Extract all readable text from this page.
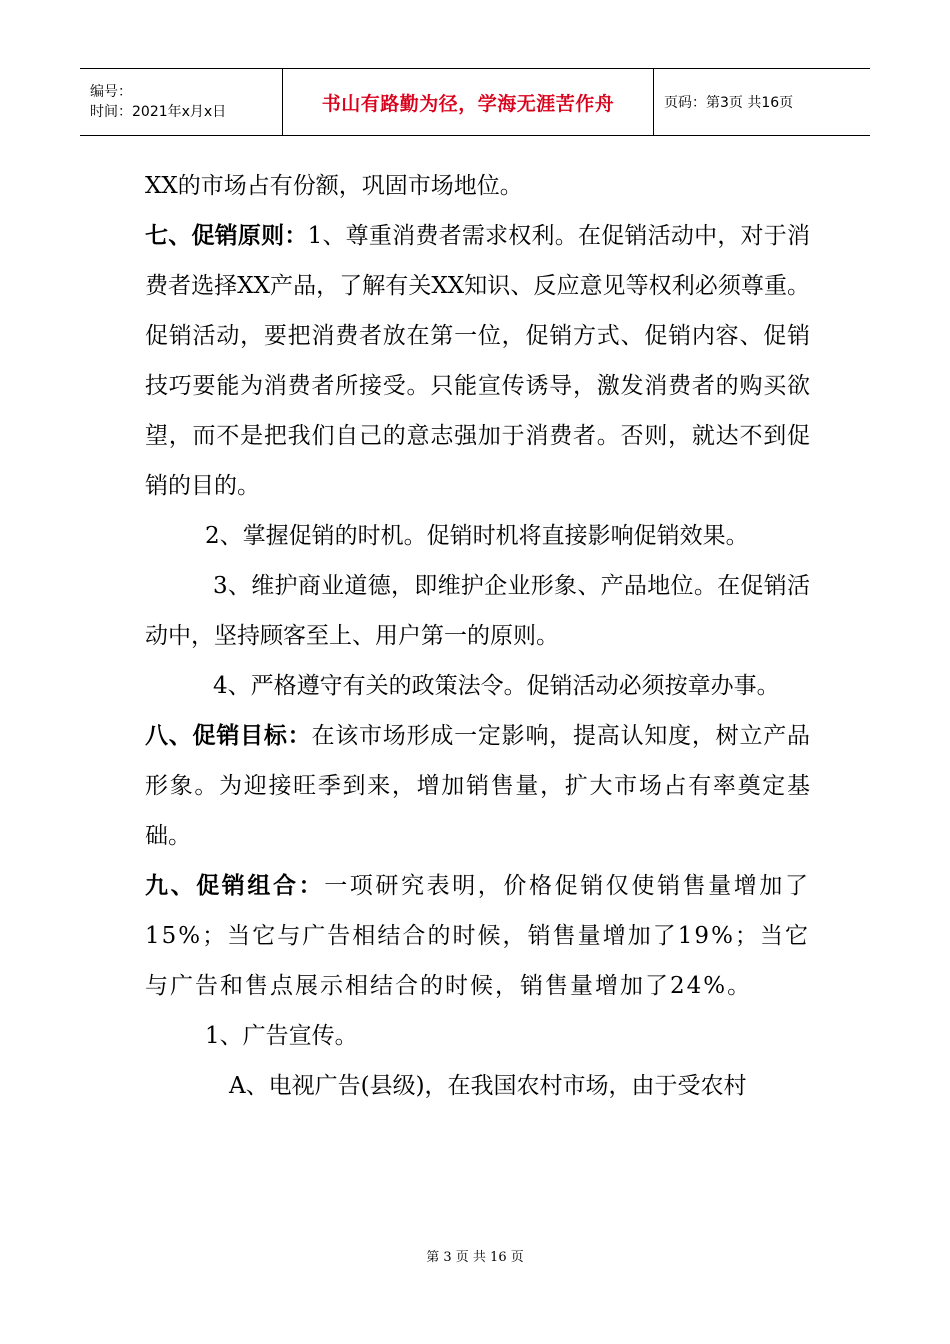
编号：
时间：2021年x月x日	书山有路勤为径，学海无涯苦作舟	页码：第3页 共16页

XX的市场占有份额，巩固市场地位。

七、促销原则：1、尊重消费者需求权利。在促销活动中，对于消费者选择XX产品，了解有关XX知识、反应意见等权利必须尊重。促销活动，要把消费者放在第一位，促销方式、促销内容、促销技巧要能为消费者所接受。只能宣传诱导，激发消费者的购买欲望，而不是把我们自己的意志强加于消费者。否则，就达不到促销的目的。

2、掌握促销的时机。促销时机将直接影响促销效果。

3、维护商业道德，即维护企业形象、产品地位。在促销活动中，坚持顾客至上、用户第一的原则。

4、严格遵守有关的政策法令。促销活动必须按章办事。

八、促销目标：在该市场形成一定影响，提高认知度，树立产品形象。为迎接旺季到来，增加销售量，扩大市场占有率奠定基础。

九、促销组合：一项研究表明，价格促销仅使销售量增加了15%；当它与广告相结合的时候，销售量增加了19%；当它与广告和售点展示相结合的时候，销售量增加了24%。

1、广告宣传。

A、电视广告(县级)，在我国农村市场，由于受农村

第 3 页 共 16 页
